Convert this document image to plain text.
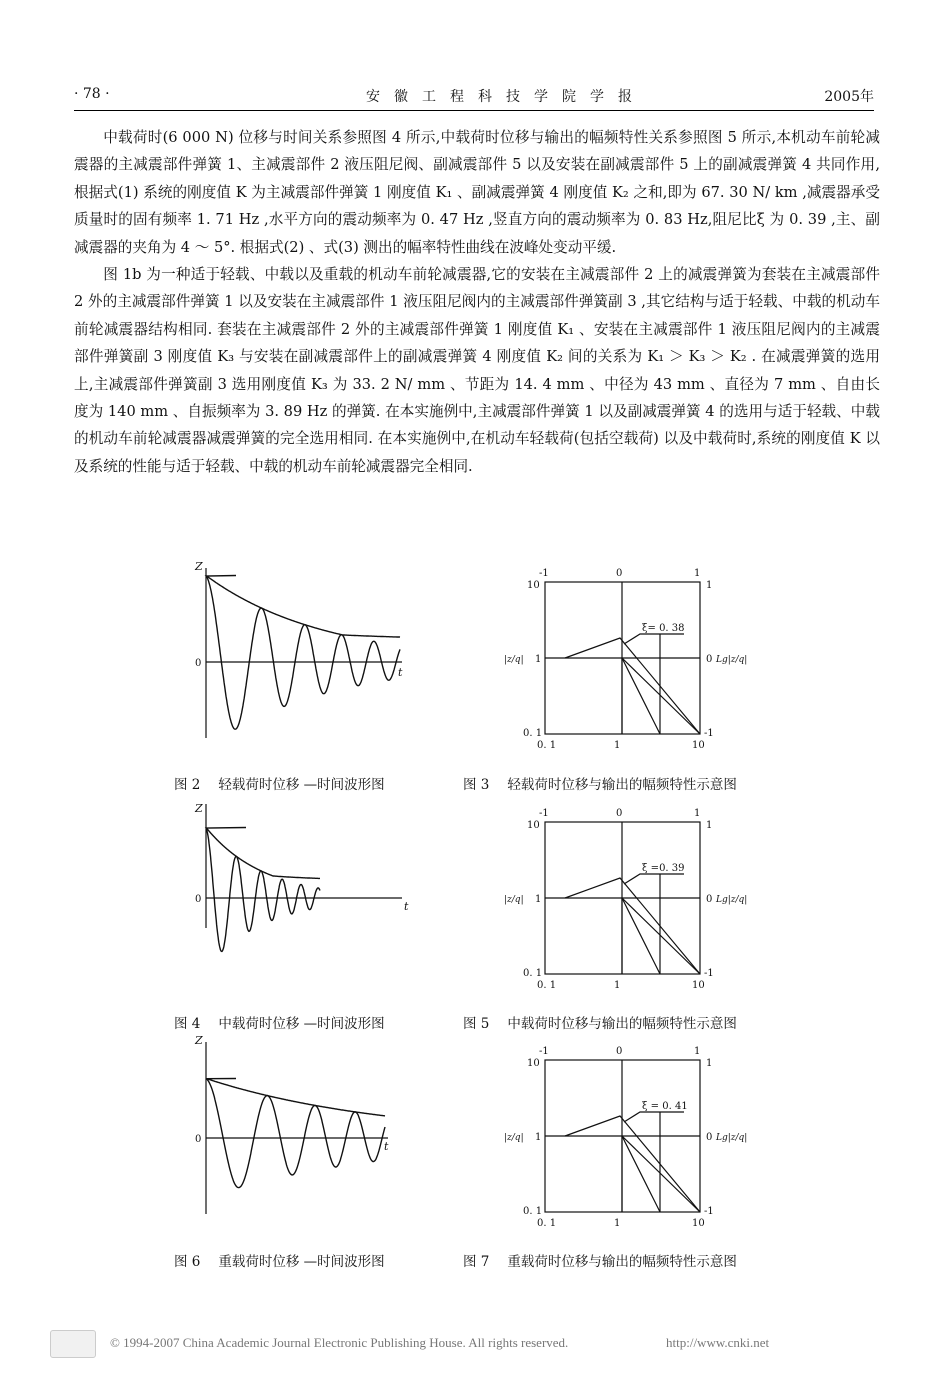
· 78 ·	安徽工程科技学院学报	2005年

中载荷时(6 000 N) 位移与时间关系参照图 4 所示,中载荷时位移与输出的幅频特性关系参照图 5 所示,本机动车前轮减震器的主减震部件弹簧 1、主减震部件 2 液压阻尼阀、副减震部件 5 以及安装在副减震部件 5 上的副减震弹簧 4 共同作用,根据式(1) 系统的刚度值 K 为主减震部件弹簧 1 刚度值 K₁ 、副减震弹簧 4 刚度值 K₂ 之和,即为 67. 30 N/ km ,减震器承受质量时的固有频率 1. 71 Hz ,水平方向的震动频率为 0. 47 Hz ,竖直方向的震动频率为 0. 83 Hz,阻尼比ξ 为 0. 39 ,主、副减震器的夹角为 4 ～ 5°. 根据式(2) 、式(3) 测出的幅率特性曲线在波峰处变动平缓.

图 1b 为一种适于轻载、中载以及重载的机动车前轮减震器,它的安装在主减震部件 2 上的减震弹簧为套装在主减震部件 2 外的主减震部件弹簧 1 以及安装在主减震部件 1 液压阻尼阀内的主减震部件弹簧副 3 ,其它结构与适于轻载、中载的机动车前轮减震器结构相同. 套装在主减震部件 2 外的主减震部件弹簧 1 刚度值 K₁ 、安装在主减震部件 1 液压阻尼阀内的主减震部件弹簧副 3 刚度值 K₃ 与安装在副减震部件上的副减震弹簧 4 刚度值 K₂ 间的关系为 K₁ ＞ K₃ ＞ K₂ . 在减震弹簧的选用上,主减震部件弹簧副 3 选用刚度值 K₃ 为 33. 2 N/ mm 、节距为 14. 4 mm 、中径为 43 mm 、直径为 7 mm 、自由长度为 140 mm 、自振频率为 3. 89 Hz 的弹簧. 在本实施例中,主减震部件弹簧 1 以及副减震弹簧 4 的选用与适于轻载、中载的机动车前轮减震器减震弹簧的完全选用相同. 在本实施例中,在机动车轻载荷(包括空载荷) 以及中载荷时,系统的刚度值 K 以及系统的性能与适于轻载、中载的机动车前轮减震器完全相同.

Z
0
t
图 2 轻载荷时位移 —时间波形图
Z
0
t
图 4 中载荷时位移 —时间波形图
Z
0
t
图 6 重载荷时位移 —时间波形图
ξ= 0. 38
-1	0	1
0. 1	1	10
10
1
0. 1
1
0
-1
|z/q|	Lg|z/q|
图 3 轻载荷时位移与输出的幅频特性示意图
ξ =0. 39
-1	0	1
0. 1	1	10
10
1
0. 1
1
0
-1
|z/q|	Lg|z/q|
图 5 中载荷时位移与输出的幅频特性示意图
ξ = 0. 41
-1	0	1
0. 1	1	10
10
1
0. 1
1
0
-1
|z/q|	Lg|z/q|
图 7 重载荷时位移与输出的幅频特性示意图
© 1994-2007 China Academic Journal Electronic Publishing House. All rights reserved.	http://www.cnki.net
